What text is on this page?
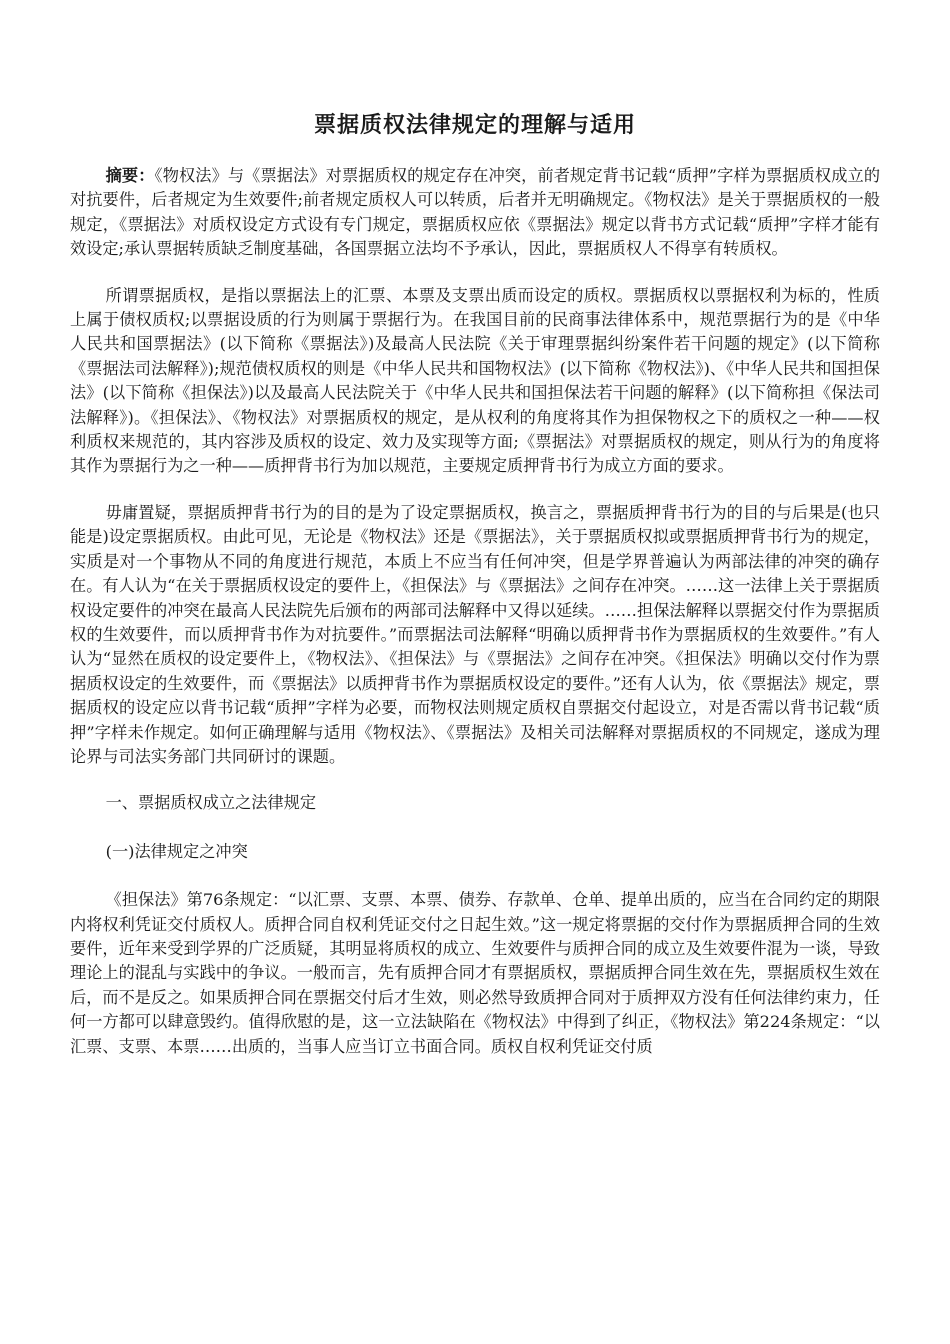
票据质权法律规定的理解与适用

摘要：《物权法》与《票据法》对票据质权的规定存在冲突，前者规定背书记载“质押”字样为票据质权成立的对抗要件，后者规定为生效要件;前者规定质权人可以转质，后者并无明确规定。《物权法》是关于票据质权的一般规定，《票据法》对质权设定方式设有专门规定，票据质权应依《票据法》规定以背书方式记载“质押”字样才能有效设定;承认票据转质缺乏制度基础，各国票据立法均不予承认，因此，票据质权人不得享有转质权。

所谓票据质权，是指以票据法上的汇票、本票及支票出质而设定的质权。票据质权以票据权利为标的，性质上属于债权质权;以票据设质的行为则属于票据行为。在我国目前的民商事法律体系中，规范票据行为的是《中华人民共和国票据法》(以下简称《票据法》)及最高人民法院《关于审理票据纠纷案件若干问题的规定》(以下简称《票据法司法解释》);规范债权质权的则是《中华人民共和国物权法》(以下简称《物权法》)、《中华人民共和国担保法》(以下简称《担保法》)以及最高人民法院关于《中华人民共和国担保法若干问题的解释》(以下简称担《保法司法解释》)。《担保法》、《物权法》对票据质权的规定，是从权利的角度将其作为担保物权之下的质权之一种——权利质权来规范的，其内容涉及质权的设定、效力及实现等方面;《票据法》对票据质权的规定，则从行为的角度将其作为票据行为之一种——质押背书行为加以规范，主要规定质押背书行为成立方面的要求。

毋庸置疑，票据质押背书行为的目的是为了设定票据质权，换言之，票据质押背书行为的目的与后果是(也只能是)设定票据质权。由此可见，无论是《物权法》还是《票据法》，关于票据质权拟或票据质押背书行为的规定，实质是对一个事物从不同的角度进行规范，本质上不应当有任何冲突，但是学界普遍认为两部法律的冲突的确存在。有人认为“在关于票据质权设定的要件上，《担保法》与《票据法》之间存在冲突。……这一法律上关于票据质权设定要件的冲突在最高人民法院先后颁布的两部司法解释中又得以延续。……担保法解释以票据交付作为票据质权的生效要件，而以质押背书作为对抗要件。”而票据法司法解释“明确以质押背书作为票据质权的生效要件。”有人认为“显然在质权的设定要件上，《物权法》、《担保法》与《票据法》之间存在冲突。《担保法》明确以交付作为票据质权设定的生效要件，而《票据法》以质押背书作为票据质权设定的要件。”还有人认为，依《票据法》规定，票据质权的设定应以背书记载“质押”字样为必要，而物权法则规定质权自票据交付起设立，对是否需以背书记载“质押”字样未作规定。如何正确理解与适用《物权法》、《票据法》及相关司法解释对票据质权的不同规定，遂成为理论界与司法实务部门共同研讨的课题。

一、票据质权成立之法律规定

(一)法律规定之冲突

《担保法》第76条规定：“以汇票、支票、本票、债券、存款单、仓单、提单出质的，应当在合同约定的期限内将权利凭证交付质权人。质押合同自权利凭证交付之日起生效。”这一规定将票据的交付作为票据质押合同的生效要件，近年来受到学界的广泛质疑，其明显将质权的成立、生效要件与质押合同的成立及生效要件混为一谈，导致理论上的混乱与实践中的争议。一般而言，先有质押合同才有票据质权，票据质押合同生效在先，票据质权生效在后，而不是反之。如果质押合同在票据交付后才生效，则必然导致质押合同对于质押双方没有任何法律约束力，任何一方都可以肆意毁约。值得欣慰的是，这一立法缺陷在《物权法》中得到了纠正，《物权法》第224条规定：“以汇票、支票、本票……出质的，当事人应当订立书面合同。质权自权利凭证交付质
